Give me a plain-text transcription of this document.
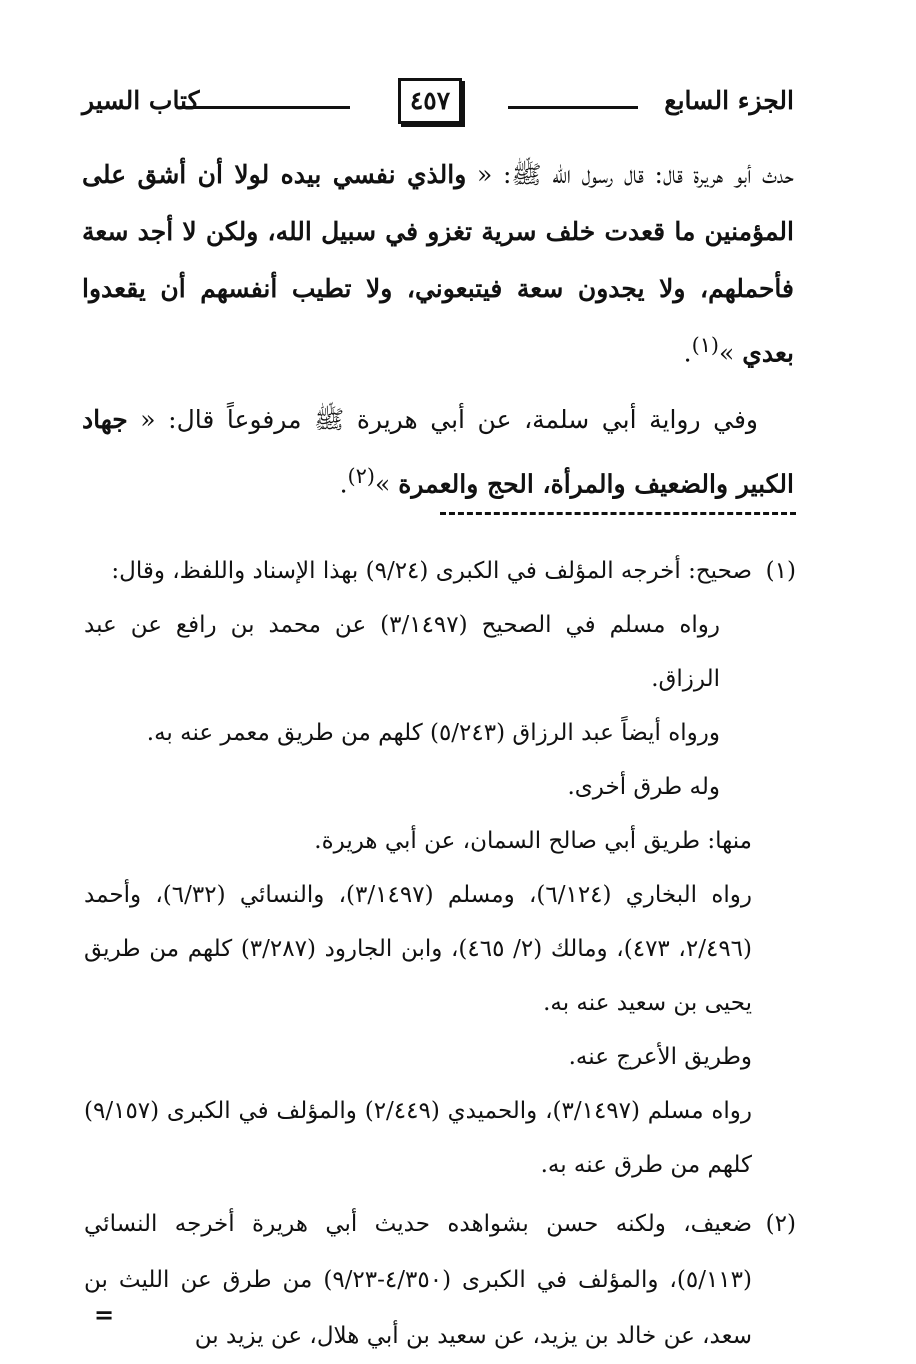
الجزء السابع
٤٥٧
كتاب السير

حدث أبو هريرة قال: قال رسول الله ﷺ: « والذي نفسي بيده لولا أن أشق على المؤمنين ما قعدت خلف سرية تغزو في سبيل الله، ولكن لا أجد سعة فأحملهم، ولا يجدون سعة فيتبعوني، ولا تطيب أنفسهم أن يقعدوا بعدي »$^{(١)}$.

وفي رواية أبي سلمة، عن أبي هريرة ﷺ مرفوعاً قال: « جهاد الكبير والضعيف والمرأة، الحج والعمرة »$^{(٢)}$.

(١)

صحيح: أخرجه المؤلف في الكبرى (٩/٢٤) بهذا الإسناد واللفظ، وقال:

رواه مسلم في الصحيح (٣/١٤٩٧) عن محمد بن رافع عن عبد الرزاق.

ورواه أيضاً عبد الرزاق (٥/٢٤٣) كلهم من طريق معمر عنه به.

وله طرق أخرى.

منها: طريق أبي صالح السمان، عن أبي هريرة.

رواه البخاري (٦/١٢٤)، ومسلم (٣/١٤٩٧)، والنسائي (٦/٣٢)، وأحمد (٢/٤٩٦، ٤٧٣)، ومالك (٢/ ٤٦٥)، وابن الجارود (٣/٢٨٧) كلهم من طريق يحيى بن سعيد عنه به.

وطريق الأعرج عنه.

رواه مسلم (٣/١٤٩٧)، والحميدي (٢/٤٤٩) والمؤلف في الكبرى (٩/١٥٧) كلهم من طرق عنه به.

(٢)

ضعيف، ولكنه حسن بشواهده حديث أبي هريرة أخرجه النسائي (٥/١١٣)، والمؤلف في الكبرى (٤/٣٥٠-٩/٢٣) من طرق عن الليث بن سعد، عن خالد بن يزيد، عن سعيد بن أبي هلال، عن يزيد بن

=
